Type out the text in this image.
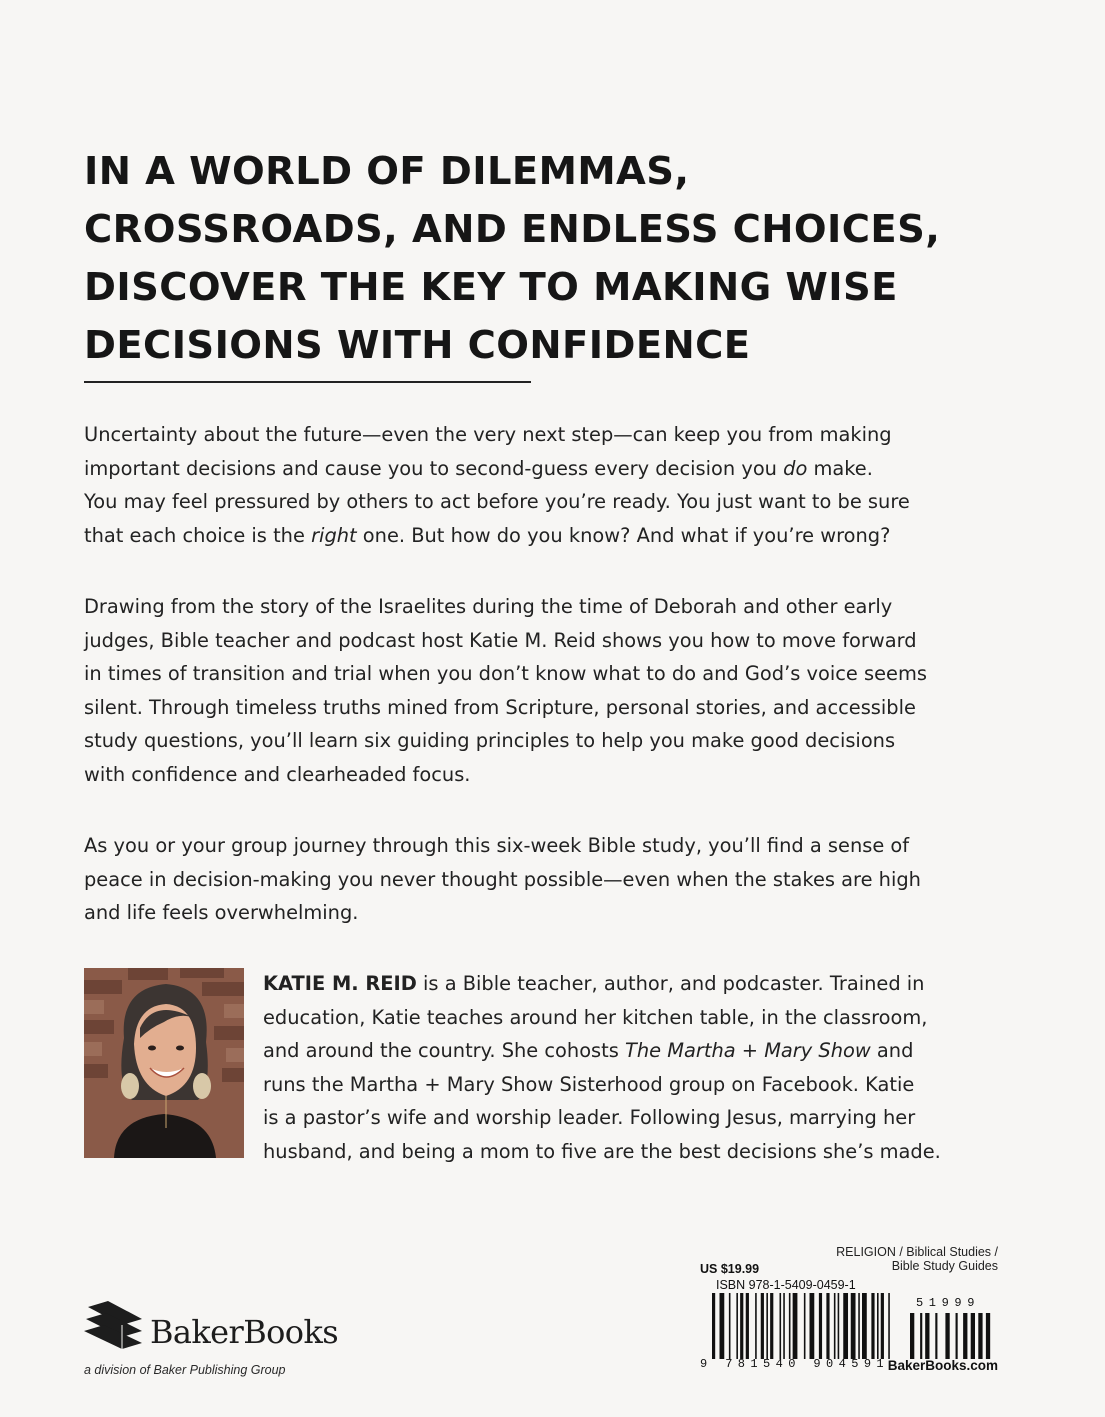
IN A WORLD OF DILEMMAS,
CROSSROADS, AND ENDLESS CHOICES,
DISCOVER THE KEY TO MAKING WISE
DECISIONS WITH CONFIDENCE

Uncertainty about the future—even the very next step—can keep you from making
important decisions and cause you to second-guess every decision you do make.
You may feel pressured by others to act before you’re ready. You just want to be sure
that each choice is the right one. But how do you know? And what if you’re wrong?

Drawing from the story of the Israelites during the time of Deborah and other early
judges, Bible teacher and podcast host Katie M. Reid shows you how to move forward
in times of transition and trial when you don’t know what to do and God’s voice seems
silent. Through timeless truths mined from Scripture, personal stories, and accessible
study questions, you’ll learn six guiding principles to help you make good decisions
with confidence and clearheaded focus.

As you or your group journey through this six-week Bible study, you’ll find a sense of
peace in decision-making you never thought possible—even when the stakes are high
and life feels overwhelming.

KATIE M. REID is a Bible teacher, author, and podcaster. Trained in
education, Katie teaches around her kitchen table, in the classroom,
and around the country. She cohosts The Martha + Mary Show and
runs the Martha + Mary Show Sisterhood group on Facebook. Katie
is a pastor’s wife and worship leader. Following Jesus, marrying her
husband, and being a mom to five are the best decisions she’s made.

BakerBooks

a division of Baker Publishing Group

RELIGION / Biblical Studies /
Bible Study Guides

US $19.99

ISBN 978-1-5409-0459-1

9 781540 904591

51999

BakerBooks.com
